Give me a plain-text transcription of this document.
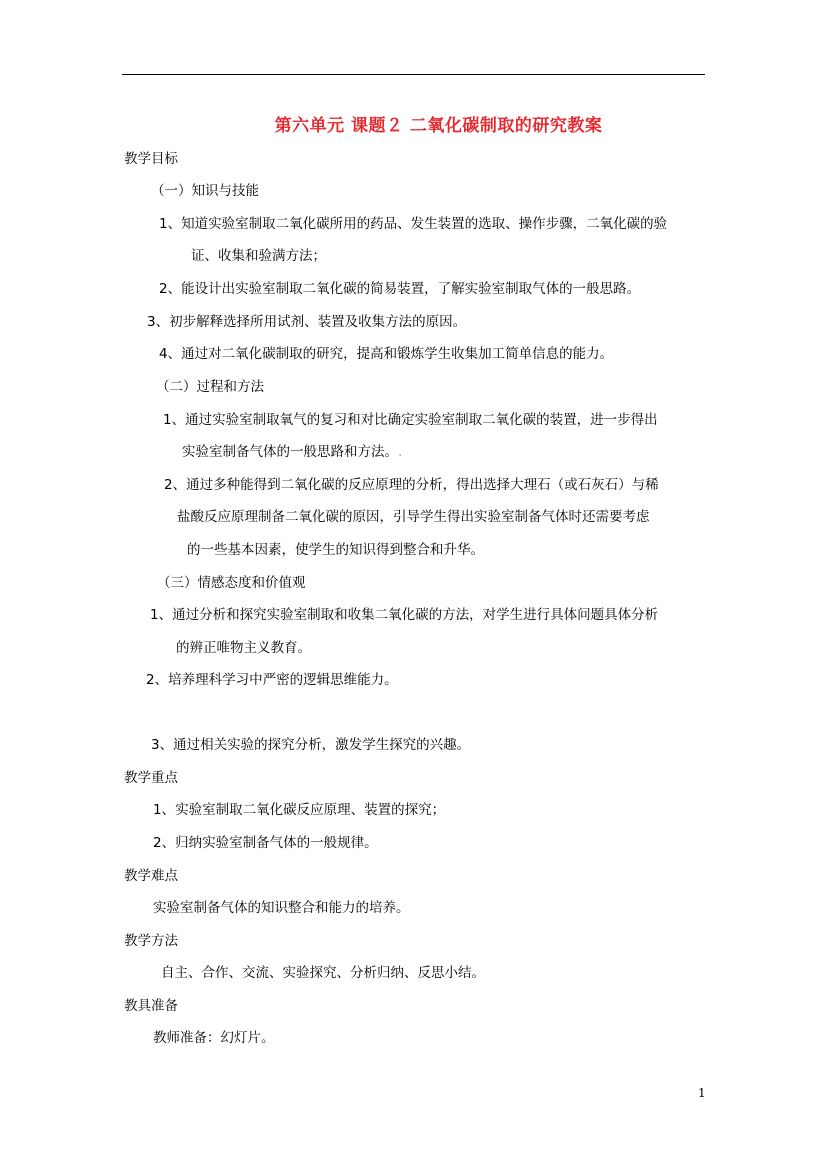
第六单元 课题２ 二氧化碳制取的研究教案
教学目标
（一）知识与技能
1、知道实验室制取二氧化碳所用的药品、发生装置的选取、操作步骤，二氧化碳的验
证、收集和验满方法；
2、能设计出实验室制取二氧化碳的简易装置，了解实验室制取气体的一般思路。
3、初步解释选择所用试剂、装置及收集方法的原因。
4、通过对二氧化碳制取的研究，提高和锻炼学生收集加工简单信息的能力。
（二）过程和方法
1、通过实验室制取氧气的复习和对比确定实验室制取二氧化碳的装置，进一步得出
实验室制备气体的一般思路和方法。.
2、通过多种能得到二氧化碳的反应原理的分析，得出选择大理石（或石灰石）与稀
盐酸反应原理制备二氧化碳的原因，引导学生得出实验室制备气体时还需要考虑
的一些基本因素，使学生的知识得到整合和升华。
（三）情感态度和价值观
1、通过分析和探究实验室制取和收集二氧化碳的方法，对学生进行具体问题具体分析
的辨正唯物主义教育。
2、培养理科学习中严密的逻辑思维能力。
3、通过相关实验的探究分析，激发学生探究的兴趣。
教学重点
1、实验室制取二氧化碳反应原理、装置的探究；
2、归纳实验室制备气体的一般规律。
教学难点
实验室制备气体的知识整合和能力的培养。
教学方法
自主、合作、交流、实验探究、分析归纳、反思小结。
教具准备
教师准备：幻灯片。
1
